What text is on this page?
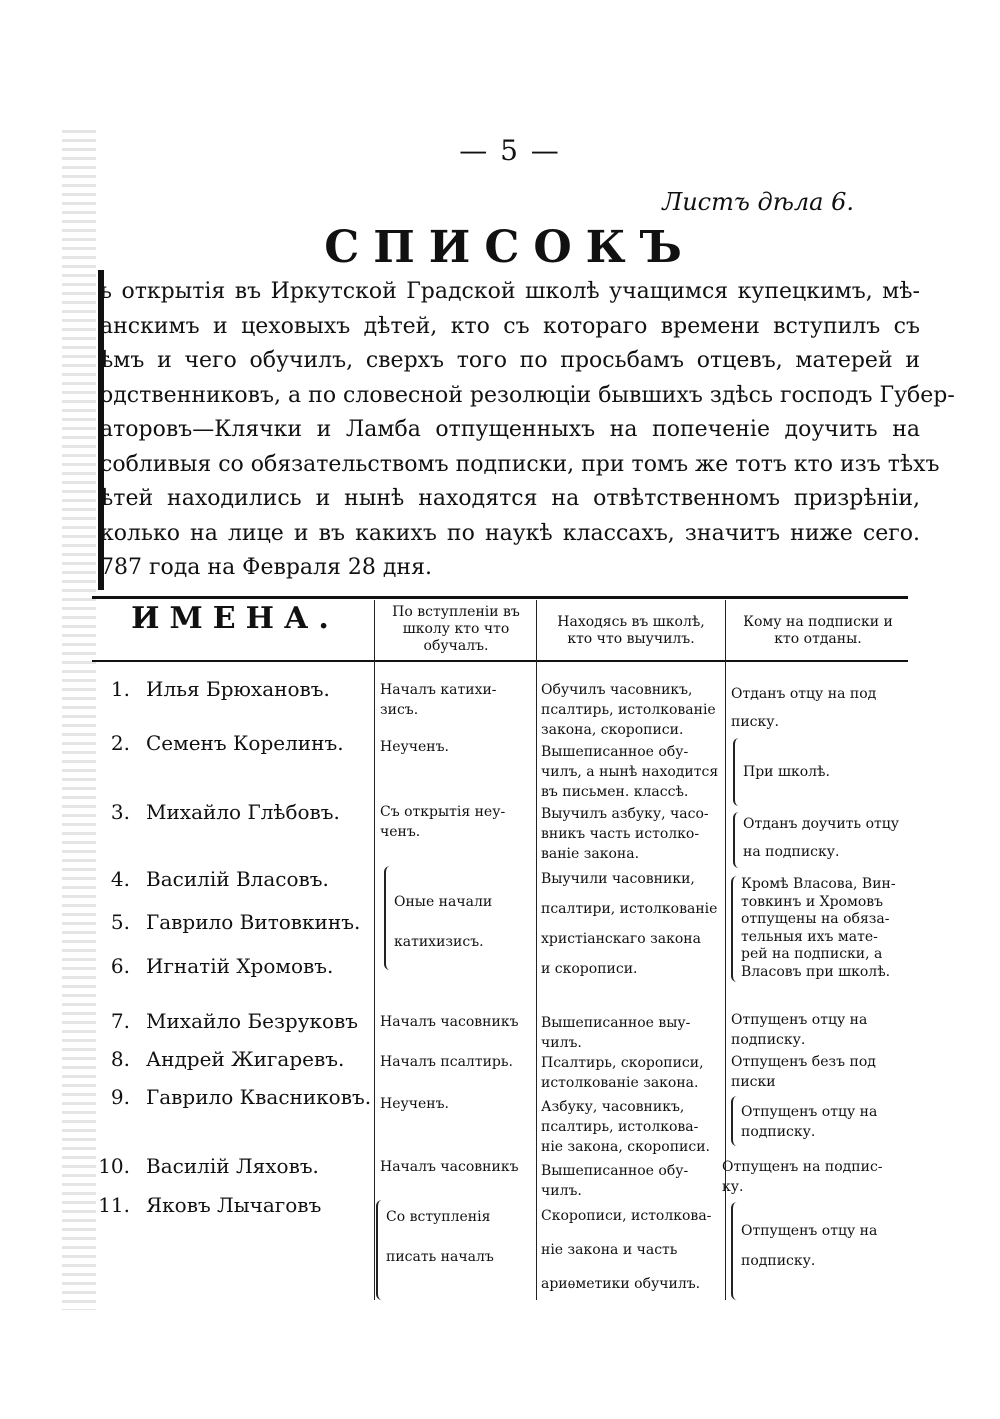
— 5 —
Листъ дѣла 6.
СПИСОКЪ
ь открытія въ Иркутской Градской школѣ учащимся купецкимъ, мѣ-
анскимъ и цеховыхъ дѣтей, кто съ котораго времени вступилъ съ
ѣмъ и чего обучилъ, сверхъ того по просьбамъ отцевъ, матерей и
одственниковъ, а по словесной резолюціи бывшихъ здѣсь господъ Губер-
аторовъ—Клячки и Ламба отпущенныхъ на попеченіе доучить на
собливыя со обязательствомъ подписки, при томъ же тотъ кто изъ тѣхъ
ѣтей находились и нынѣ находятся на отвѣтственномъ призрѣніи,
колько на лице и въ какихъ по наукѣ классахъ, значитъ ниже сего.
787 года на Февраля 28 дня.
ИМЕНА.	По вступленіи въ
школу кто что
обучалъ.
Находясь въ школѣ,
кто что выучилъ.
Кому на подписки и
кто отданы.
1. Илья Брюхановъ.
2. Семенъ Корелинъ.
3. Михайло Глѣбовъ.
4. Василій Власовъ.
5. Гаврило Витовкинъ.
6. Игнатій Хромовъ.
7. Михайло Безруковъ
8. Андрей Жигаревъ.
9. Гаврило Квасниковъ.
10. Василій Ляховъ.
11. Яковъ Лычаговъ
Началъ катихи-
зисъ.
Неученъ.
Съ открытія неу-
ченъ.
Оные начали

катихизисъ.
Началъ часовникъ
Началъ псалтирь.
Неученъ.
Началъ часовникъ
Со вступленія

писать началъ
Обучилъ часовникъ,
псалтирь, истолкованіе
закона, скорописи.
Вышеписанное обу-
чилъ, а нынѣ находится
въ письмен. классѣ.
Выучилъ азбуку, часо-
вникъ часть истолко-
ваніе закона.
Выучили часовники,

псалтири, истолкованіе

христіанскаго закона

и скорописи.
Вышеписанное выу-
чилъ.
Псалтирь, скорописи,
истолкованіе закона.
Азбуку, часовникъ,
псалтирь, истолкова-
ніе закона, скорописи.
Вышеписанное обу-
чилъ.
Скорописи, истолкова-

ніе закона и часть

ариѳметики обучилъ.
Отданъ отцу на под
писку.
При школѣ.
Отданъ доучить отцу

на подписку.
Кромѣ Власова, Вин-
товкинъ и Хромовъ
отпущены на обяза-
тельныя ихъ мате-
рей на подписки, а
Власовъ при школѣ.
Отпущенъ отцу на
подписку.
Отпущенъ безъ под
писки
Отпущенъ отцу на
подписку.
Отпущенъ на подпис-
ку.
Отпущенъ отцу на

подписку.
